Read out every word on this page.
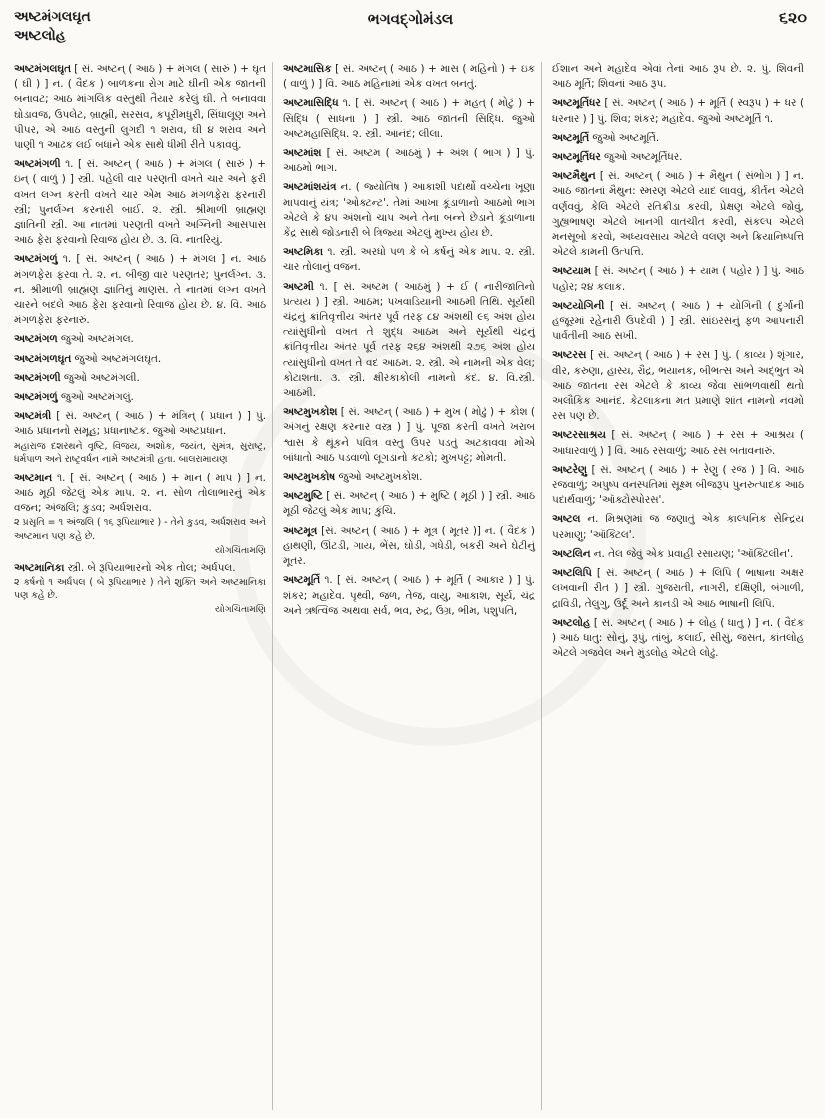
અષ્ટમંગલઘૃત
અષ્ટલોહ
ભગવદ્ગોમંડલ	૬૨૦
અષ્ટમંગલઘૃત [ સં. અષ્ટન્ ( આઠ ) + મંગલ ( સારું ) + ઘૃત ( ઘી ) ] ન. ( વૈદક ) બાળકના રોગ માટે ઘીની એક જાતની બનાવટ; આઠ માંગલિક વસ્તુથી તૈયાર કરેલું ઘી. તે બનાવવા ઘોડાવજ, ઉપલેટ, બ્રાહ્મી, સરસવ, કપૂરીમધુરી, સિંધાલૂણ અને પીપર, એ આઠ વસ્તુની લુગદી ૧ શરાવ, ઘી ૪ શરાવ અને પાણી ૧ આઢક લઈ બધાંને એક સાથે ધીમી રીતે પકાવવું.
અષ્ટમંગળી ૧. [ સં. અષ્ટન્ ( આઠ ) + મંગલ ( સારું ) + ઇન્ ( વાળું ) ] સ્ત્રી. પહેલી વાર પરણતી વખતે ચાર અને ફરી વખત લગ્ન કરતી વખતે ચાર એમ આઠ મંગળફેરા ફરનારી સ્ત્રી; પુનર્લગ્ન કરનારી બાઈ. ૨. સ્ત્રી. શ્રીમાળી બ્રાહ્મણ જ્ઞાતિની સ્ત્રી. આ નાતમાં પરણતી વખતે અગ્નિની આસપાસ આઠ ફેરા ફરવાનો રિવાજ હોય છે. ૩. વિ. નાતરિયું.
અષ્ટમંગળું ૧. [ સં. અષ્ટન્ ( આઠ ) + મંગલ ] ન. આઠ મંગળફેરા ફરવા તે. ૨. ન. બીજી વાર પરણતર; પુનર્લગ્ન. ૩. ન. શ્રીમાળી બ્રાહ્મણ જ્ઞાતિનું માણસ. તે નાતમાં લગ્ન વખતે ચારને બદલે આઠ ફેરા ફરવાનો રિવાજ હોય છે. ૪. વિ. આઠ મંગળફેરા ફરનારું.
અષ્ટમંગળ જુઓ અષ્ટમંગલ.
અષ્ટમંગળઘૃત જુઓ અષ્ટમંગલઘૃત.
અષ્ટમંગળી જુઓ અષ્ટમંગલી.
અષ્ટમંગળું જુઓ અષ્ટમંગલું.
અષ્ટમંત્રી [ સં. અષ્ટન્ ( આઠ ) + મંત્રિન્ ( પ્રધાન ) ] પું. આઠ પ્રધાનનો સમૂહ; પ્રધાનાષ્ટક. જુઓ અષ્ટપ્રધાન.
મહારાજ દશરથને વૃષ્ટિ, વિજય, અશોક, જયંત, સુમંત્ર, સુરાષ્ટ્ર, ધર્મપાળ અને રાષ્ટ્રવર્ધન નામે અષ્ટમંત્રી હતા. બાલરામાયણ
અષ્ટમાન ૧. [ સં. અષ્ટન્ ( આઠ ) + માન ( માપ ) ] ન. આઠ મૂઠી જેટલું એક માપ. ૨. ન. સોળ તોલાભારનું એક વજન; અંજલિ; કુડવ; અર્ધશરાવ.
૨ પ્રસૃતિ = ૧ અંજલિ ( ૧૬ રૂપિયાભાર ) - તેને કુડવ, અર્ધશરાવ અને અષ્ટમાન પણ કહે છે.
યોગચિંતામણિ
અષ્ટમાનિકા સ્ત્રી. બે રૂપિયાભારનો એક તોલ; અર્ધપલ.
૨ કર્ષનો ૧ અર્ધપલ ( બે રૂપિયાભાર ) તેને શુક્તિ અને અષ્ટમાનિકા પણ કહે છે.
યોગચિંતામણિ
અષ્ટમાસિક [ સં. અષ્ટન્ ( આઠ ) + માસ ( મહિનો ) + ઇક ( વાળું ) ] વિ. આઠ મહિનામાં એક વખત બનતું.
અષ્ટમાસિદ્ધિ ૧. [ સં. અષ્ટન્ ( આઠ ) + મહત્ ( મોટું ) + સિદ્ધિ ( સાધના ) ] સ્ત્રી. આઠ જાતની સિદ્ધિ. જુઓ અષ્ટમહાસિદ્ધિ. ૨. સ્ત્રી. આનંદ; લીલા.
અષ્ટમાંશ [ સં. અષ્ટમ ( આઠમું ) + અંશ ( ભાગ ) ] પું. આઠમો ભાગ.
અષ્ટમાંશયંત્ર ન. ( જ્યોતિષ ) આકાશી પદાર્થો વચ્ચેના ખૂણા માપવાનું યંત્ર; 'ઓક્ટન્ટ'. તેમાં આખા કૂંડાળાનો આઠમો ભાગ એટલે કે ૪૫ અંશનો ચાપ અને તેના બન્ને છેડાને કૂંડાળાના કેંદ્ર સાથે જોડનારી બે ત્રિજ્યા એટલું મુખ્ય હોય છે.
અષ્ટમિકા ૧. સ્ત્રી. અરધો પળ કે બે કર્ષનું એક માપ. ૨. સ્ત્રી. ચાર તોલાનું વજન.
અષ્ટમી ૧. [ સં. અષ્ટમ ( આઠમું ) + ઈ ( નારીજાતિનો પ્રત્યય ) ] સ્ત્રી. આઠમ; પખવાડિયાની આઠમી તિથિ. સૂર્યથી ચંદ્રનું ક્રાંતિવૃત્તીય અંતર પૂર્વ તરફ ૮૪ અંશથી ૯૬ અંશ હોય ત્યાંસુધીનો વખત તે શુદ્ધ આઠમ અને સૂર્યથી ચંદ્રનું ક્રાંતિવૃત્તીય અંતર પૂર્વ તરફ ૨૬૪ અંશથી ૨૭૬ અંશ હોય ત્યાંસુધીનો વખત તે વદ આઠમ. ૨. સ્ત્રી. એ નામની એક વેલ; કોટાશતા. ૩. સ્ત્રી. ક્ષીરકાકોલી નામનો કંદ. ૪. વિ.સ્ત્રી. આઠમી.
અષ્ટમુખકોશ [ સં. અષ્ટન્ ( આઠ ) + મુખ ( મોઢું ) + કોશ ( અંગનું રક્ષણ કરનાર વસ્ત્ર ) ] પું. પૂજા કરતી વખતે ખરાબ શ્વાસ કે થૂંકને પવિત્ર વસ્તુ ઉપર પડતું અટકાવવા મોંએ બાંધાતો આઠ પડવાળો લૂગડાનો કટકો; મુખપટ્ટ; મોમતી.
અષ્ટમુખકોષ જુઓ અષ્ટમુખકોશ.
અષ્ટમુષ્ટિ [ સં. અષ્ટન્ ( આઠ ) + મુષ્ટિ ( મૂઠી ) ] સ્ત્રી. આઠ મૂઠી જેટલું એક માપ; કુંચિ.
અષ્ટમૂત્ર [સં. અષ્ટન્ ( આઠ ) + મૂત્ર ( મૂતર )] ન. ( વૈદક ) હાથણી, ઊંટડી, ગાય, ભેંસ, ઘોડી, ગધેડી, બકરી અને ઘેટીનું મૂતર.
અષ્ટમૂર્તિ ૧. [ સં. અષ્ટન્ ( આઠ ) + મૂર્તિ ( આકાર ) ] પું. શંકર; મહાદેવ. પૃથ્વી, જળ, તેજ, વાયુ, આકાશ, સૂર્ય, ચંદ્ર અને ઋત્વિજ અથવા સર્વ, ભવ, રુદ્ર, ઉગ્ર, ભીમ, પશુપતિ,
ઈશાન અને મહાદેવ એવાં તેનાં આઠ રૂપ છે. ૨. પું. શિવની આઠ મૂર્તિ; શિવનાં આઠ રૂપ.
અષ્ટમૂર્તિધર [ સં. અષ્ટન્ ( આઠ ) + મૂર્તિ ( સ્વરૂપ ) + ધર ( ધરનાર ) ] પું. શિવ; શંકર; મહાદેવ. જુઓ અષ્ટમૂર્તિ ૧.
અષ્ટમૂર્તિ જુઓ અષ્ટમૂર્તિ.
અષ્ટમૂર્તિધર જુઓ અષ્ટમૂર્તિધર.
અષ્ટમૈથુન [ સં. અષ્ટન્ ( આઠ ) + મૈથુન ( સંભોગ ) ] ન. આઠ જાતનાં મૈથુન: સ્મરણ એટલે યાદ લાવવું, કીર્તન એટલે વર્ણવવું, કેલિ એટલે રતિક્રીડા કરવી, પ્રેક્ષણ એટલે જોવું, ગુહ્યભાષણ એટલે ખાનગી વાતચીત કરવી, સંકલ્પ એટલે મનસૂબો કરવો, અધ્યવસાય એટલે વલણ અને ક્રિયાનિષ્પત્તિ એટલે કામની ઉત્પત્તિ.
અષ્ટયામ [ સં. અષ્ટન્ ( આઠ ) + યામ ( પહોર ) ] પું. આઠ પહોર; ૨૪ કલાક.
અષ્ટયોગિની [ સં. અષ્ટન્ ( આઠ ) + યોગિની ( દુર્ગાની હજૂરમાં રહેનારી ઉપદેવી ) ] સ્ત્રી. સાંઇરસનું ફળ આપનારી પાર્વતીની આઠ સખી.
અષ્ટરસ [ સં. અષ્ટન્ ( આઠ ) + રસ ] પું. ( કાવ્ય ) શૃંગાર, વીર, કરુણા, હાસ્ય, રૌદ્ર, ભયાનક, બીભત્સ અને અદ્ભુત એ આઠ જાતના રસ એટલે કે કાવ્ય જેવા સાંભળવાથી થતો અલૌકિક આનંદ. કેટલાકના મત પ્રમાણે શાંત નામનો નવમો રસ પણ છે.
અષ્ટરસાશ્રય [ સં. અષ્ટન્ ( આઠ ) + રસ + આશ્રય ( આધારવાળું ) ] વિ. આઠ રસવાળું; આઠ રસ બતાવનારું.
અષ્ટરેણુ [ સં. અષ્ટન્ ( આઠ ) + રેણુ ( રજ ) ] વિ. આઠ રજવાળું; અપુષ્પ વનસ્પતિમાં સૂક્ષ્મ બીજરૂપ પુનરુત્પાદક આઠ પદાર્થવાળું; 'ઑક્ટોસ્પોરસ'.
અષ્ટલ ન. મિશ્રણમાં જ જણાતું એક કાલ્પનિક સેન્દ્રિય પરમાણુ; 'ઑક્ટિલ'.
અષ્ટલિન ન. તેલ જેવું એક પ્રવાહી રસાયણ; 'ઑક્ટિલીન'.
અષ્ટલિપિ [ સં. અષ્ટન્ ( આઠ ) + લિપિ ( ભાષાના અક્ષર લખવાની રીત ) ] સ્ત્રી. ગુજરાતી, નાગરી, દક્ષિણી, બંગાળી, દ્રાવિડી, તેલુગુ, ઉર્દૂ અને કાનડી એ આઠ ભાષાની લિપિ.
અષ્ટલોહ [ સં. અષ્ટન્ ( આઠ ) + લોહ ( ધાતુ ) ] ન. ( વૈદક ) આઠ ધાતુ: સોનું, રૂપું, તાંબું, કલાઈ, સીસું, જસત, કાંતલોહ એટલે ગજવેલ અને મુંડલોહ એટલે લોઢું.
